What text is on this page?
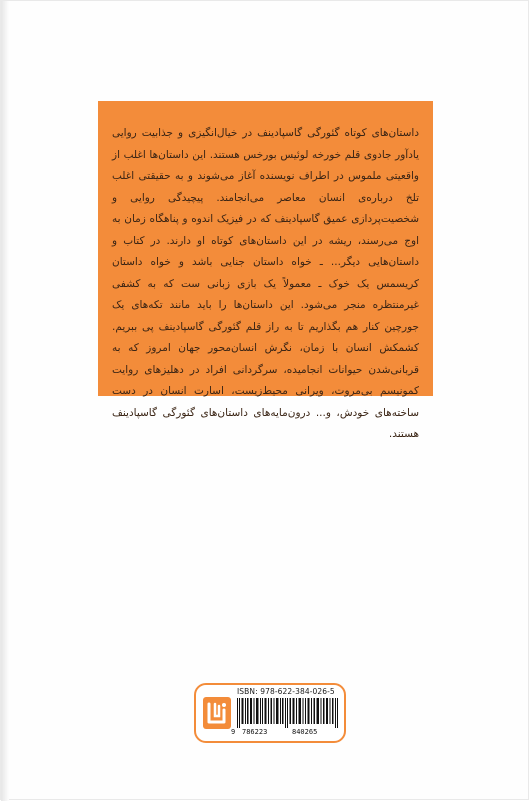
داستان‌های کوتاه گئورگی گاسپادینف در خیال‌انگیزی و جذابیت روایی یادآور جادوی قلم خورخه لوئیس بورخس هستند. این داستان‌ها اغلب از واقعیتی ملموس در اطراف نویسنده آغاز می‌شوند و به حقیقتی اغلب تلخ درباره‌ی انسان معاصر می‌انجامند. پیچیدگی روایی و شخصیت‌پردازی عمیق گاسپادینف که در فیزیک اندوه و پناهگاه زمان به اوج می‌رسند، ریشه در این داستان‌های کوتاه او دارند. در کتاب و داستان‌هایی دیگر... ـ خواه داستان جنایی باشد و خواه داستان کریسمس یک خوک ـ معمولاً یک بازی زبانی ست که به کشفی غیرمنتظره منجر می‌شود. این داستان‌ها را باید مانند تکه‌های یک جورچین کنار هم بگذاریم تا به راز قلم گئورگی گاسپادینف پی ببریم. کشمکش انسان با زمان، نگرش انسان‌محور جهان امروز که به قربانی‌شدن حیوانات انجامیده، سرگردانی افراد در دهلیزهای روایت کمونیسم بی‌مروت، ویرانی محیط‌زیست، اسارت انسان در دست ساخته‌های خودش، و... درون‌مایه‌های داستان‌های گئورگی گاسپادینف هستند.

ISBN: 978-622-384-026-5
9 786223	840265
